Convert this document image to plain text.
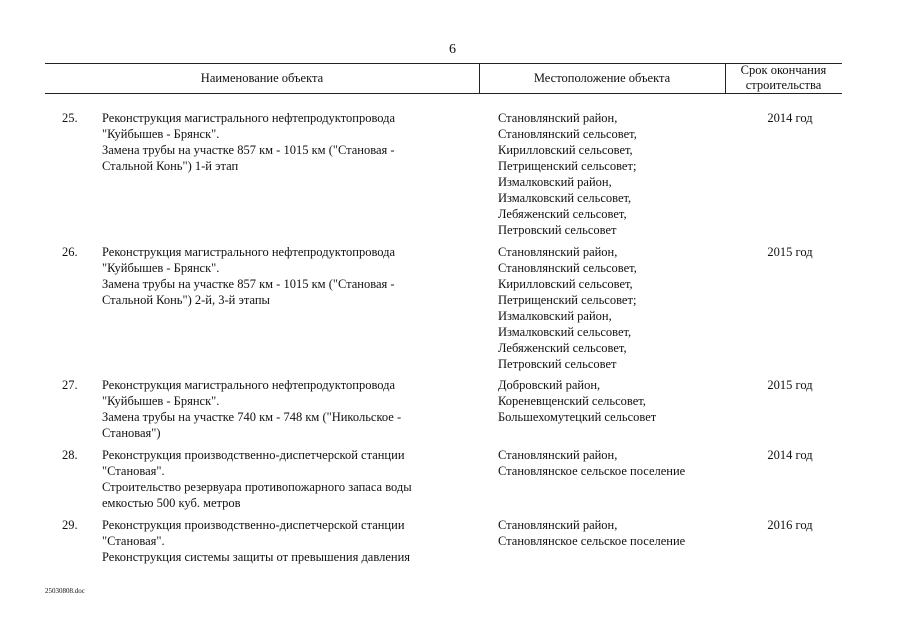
6
Наименование объекта	Местоположение объекта
Срок окончания
строительства
25. Реконструкция магистрального нефтепродуктопровода
"Куйбышев - Брянск".
Замена трубы на участке 857 км - 1015 км ("Становая -
Стальной Конь") 1-й этап
Становлянский район,
Становлянский сельсовет,
Кирилловский сельсовет,
Петрищенский сельсовет;
Измалковский район,
Измалковский сельсовет,
Лебяженский сельсовет,
Петровский сельсовет
2014 год
26. Реконструкция магистрального нефтепродуктопровода
"Куйбышев - Брянск".
Замена трубы на участке 857 км - 1015 км ("Становая -
Стальной Конь") 2-й, 3-й этапы
Становлянский район,
Становлянский сельсовет,
Кирилловский сельсовет,
Петрищенский сельсовет;
Измалковский район,
Измалковский сельсовет,
Лебяженский сельсовет,
Петровский сельсовет
2015 год
27. Реконструкция магистрального нефтепродуктопровода
"Куйбышев - Брянск".
Замена трубы на участке 740 км - 748 км ("Никольское -
Становая")
Добровский район,
Кореневщенский сельсовет,
Большехомутецкий сельсовет
2015 год
28. Реконструкция производственно-диспетчерской станции
"Становая".
Строительство резервуара противопожарного запаса воды
емкостью 500 куб. метров
Становлянский район,
Становлянское сельское поселение
2014 год
29. Реконструкция производственно-диспетчерской станции
"Становая".
Реконструкция системы защиты от превышения давления
Становлянский район,
Становлянское сельское поселение
2016 год
25030808.doc
